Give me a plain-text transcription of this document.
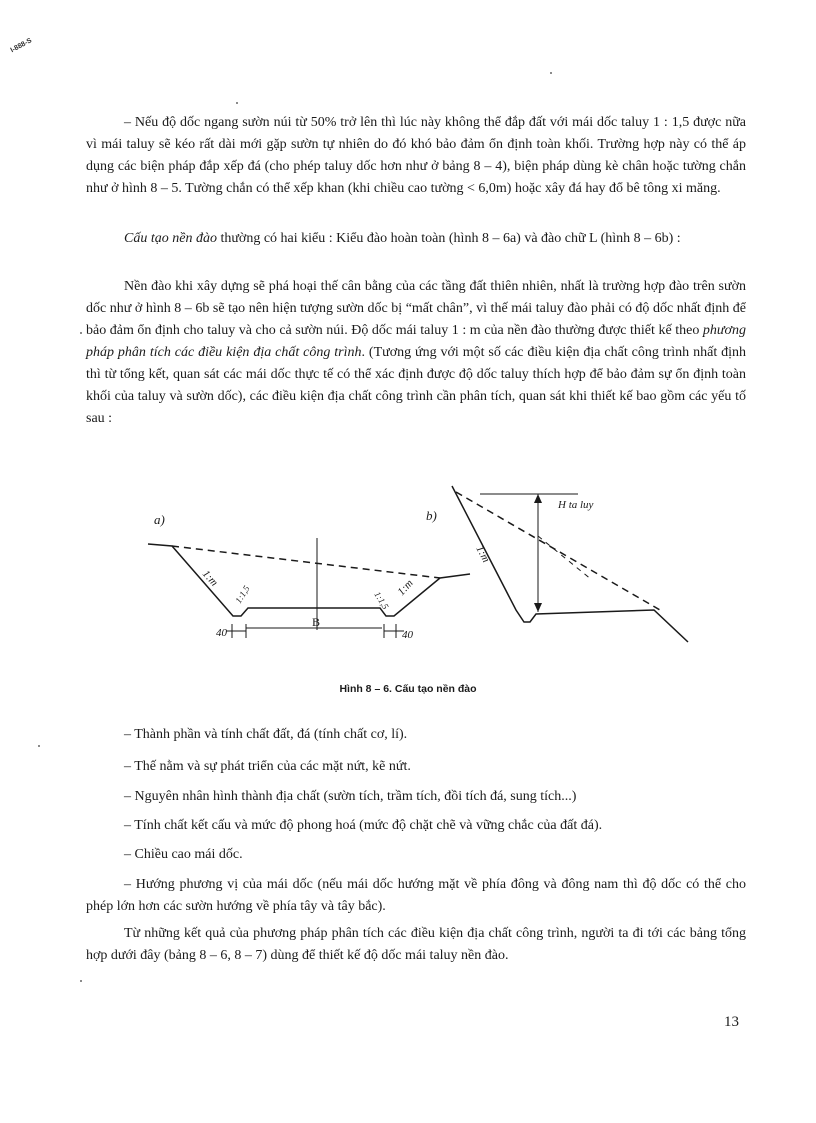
I-888-S

– Nếu độ dốc ngang sườn núi từ 50% trở lên thì lúc này không thể đắp đất với mái dốc taluy 1 : 1,5 được nữa vì mái taluy sẽ kéo rất dài mới gặp sườn tự nhiên do đó khó bảo đảm ổn định toàn khối. Trường hợp này có thể áp dụng các biện pháp đắp xếp đá (cho phép taluy dốc hơn như ở bảng 8 – 4), biện pháp dùng kè chân hoặc tường chắn như ở hình 8 – 5. Tường chắn có thể xếp khan (khi chiều cao tường < 6,0m) hoặc xây đá hay đổ bê tông xi măng.

Cấu tạo nền đào thường có hai kiểu : Kiểu đào hoàn toàn (hình 8 – 6a) và đào chữ L (hình 8 – 6b) :

Nền đào khi xây dựng sẽ phá hoại thế cân bằng của các tầng đất thiên nhiên, nhất là trường hợp đào trên sườn dốc như ở hình 8 – 6b sẽ tạo nên hiện tượng sườn dốc bị “mất chân”, vì thế mái taluy đào phải có độ dốc nhất định để bảo đảm ổn định cho taluy và cho cả sườn núi. Độ dốc mái taluy 1 : m của nền đào thường được thiết kế theo phương pháp phân tích các điều kiện địa chất công trình. (Tương ứng với một số các điều kiện địa chất công trình nhất định thì từ tổng kết, quan sát các mái dốc thực tế có thể xác định được độ dốc taluy thích hợp để bảo đảm sự ổn định toàn khối của taluy và sườn dốc), các điều kiện địa chất công trình cần phân tích, quan sát khi thiết kế bao gồm các yếu tố sau :

a)	b)
1:m	1:m
1:1,5	1:1,5
B
40	40
1:m
H ta luy
Hình 8 – 6. Cấu tạo nền đào

– Thành phần và tính chất đất, đá (tính chất cơ, lí).

– Thế nằm và sự phát triển của các mặt nứt, kẽ nứt.

– Nguyên nhân hình thành địa chất (sườn tích, trầm tích, đồi tích đá, sung tích...)

– Tính chất kết cấu và mức độ phong hoá (mức độ chặt chẽ và vững chắc của đất đá).

– Chiều cao mái dốc.

– Hướng phương vị của mái dốc (nếu mái dốc hướng mặt về phía đông và đông nam thì độ dốc có thể cho phép lớn hơn các sườn hướng về phía tây và tây bắc).

Từ những kết quả của phương pháp phân tích các điều kiện địa chất công trình, người ta đi tới các bảng tổng hợp dưới đây (bảng 8 – 6, 8 – 7) dùng để thiết kế độ dốc mái taluy nền đào.

13
